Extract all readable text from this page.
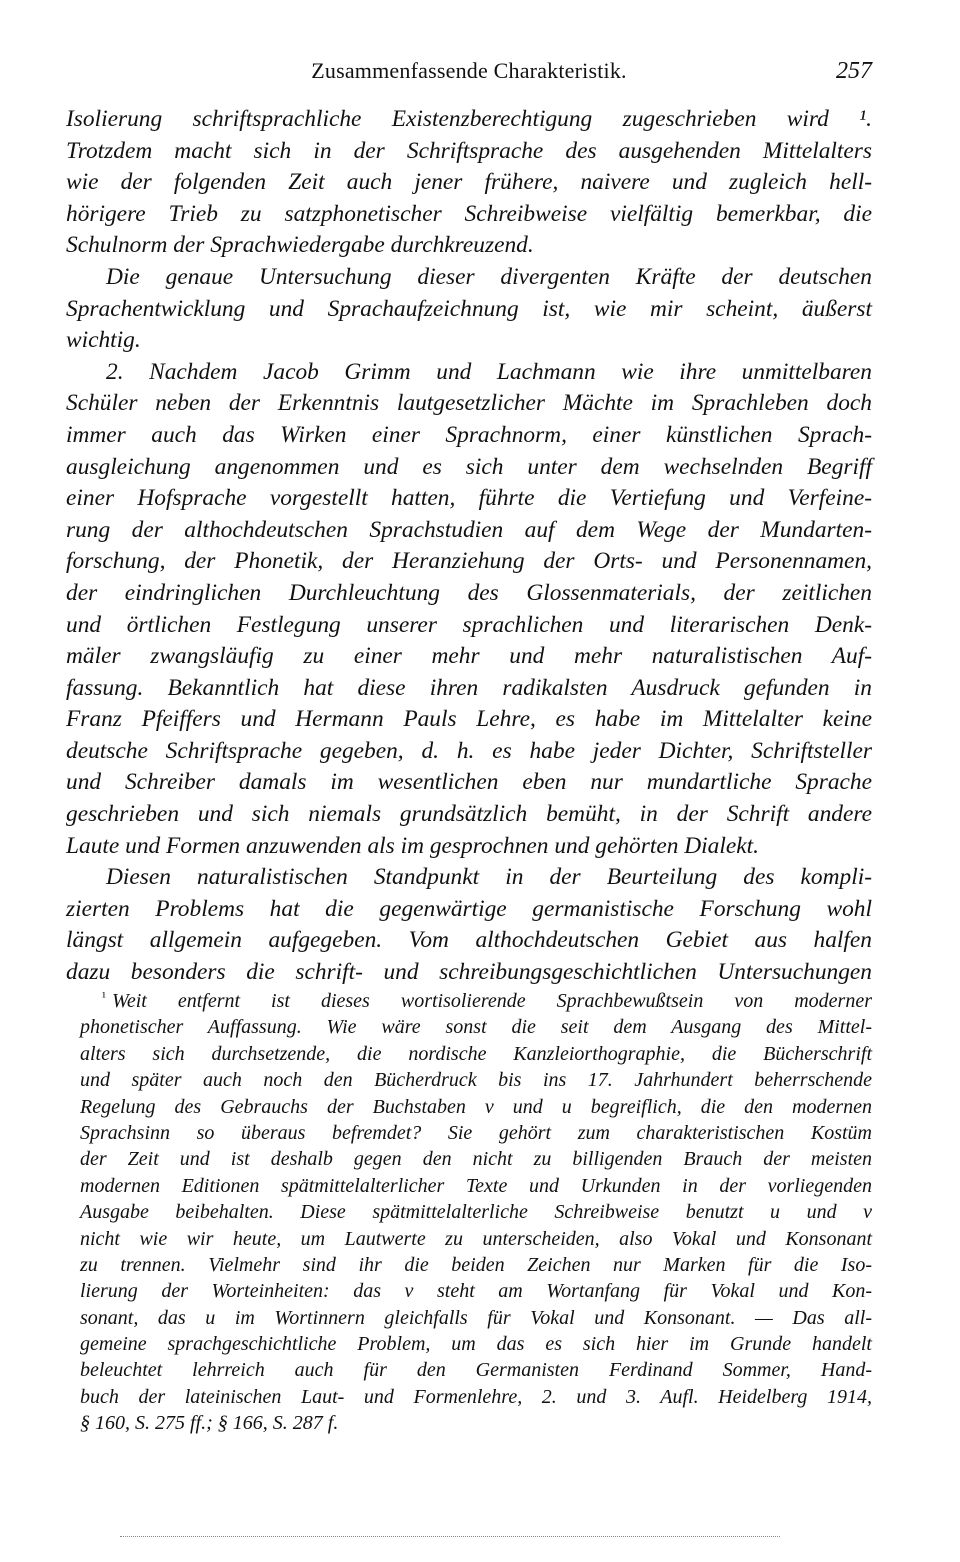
Zusammenfassende Charakteristik.	257
Isolierung schriftsprachliche Existenzberechtigung zugeschrieben wird ¹.
Trotzdem macht sich in der Schriftsprache des ausgehenden Mittelalters
wie der folgenden Zeit auch jener frühere, naivere und zugleich hell-
hörigere Trieb zu satzphonetischer Schreibweise vielfältig bemerkbar, die
Schulnorm der Sprachwiedergabe durchkreuzend.
Die genaue Untersuchung dieser divergenten Kräfte der deutschen
Sprachentwicklung und Sprachaufzeichnung ist, wie mir scheint, äußerst
wichtig.
2. Nachdem Jacob Grimm und Lachmann wie ihre unmittelbaren
Schüler neben der Erkenntnis lautgesetzlicher Mächte im Sprachleben doch
immer auch das Wirken einer Sprachnorm, einer künstlichen Sprach-
ausgleichung angenommen und es sich unter dem wechselnden Begriff
einer Hofsprache vorgestellt hatten, führte die Vertiefung und Verfeine-
rung der althochdeutschen Sprachstudien auf dem Wege der Mundarten-
forschung, der Phonetik, der Heranziehung der Orts- und Personennamen,
der eindringlichen Durchleuchtung des Glossenmaterials, der zeitlichen
und örtlichen Festlegung unserer sprachlichen und literarischen Denk-
mäler zwangsläufig zu einer mehr und mehr naturalistischen Auf-
fassung. Bekanntlich hat diese ihren radikalsten Ausdruck gefunden in
Franz Pfeiffers und Hermann Pauls Lehre, es habe im Mittelalter keine
deutsche Schriftsprache gegeben, d. h. es habe jeder Dichter, Schriftsteller
und Schreiber damals im wesentlichen eben nur mundartliche Sprache
geschrieben und sich niemals grundsätzlich bemüht, in der Schrift andere
Laute und Formen anzuwenden als im gesprochnen und gehörten Dialekt.
Diesen naturalistischen Standpunkt in der Beurteilung des kompli-
zierten Problems hat die gegenwärtige germanistische Forschung wohl
längst allgemein aufgegeben. Vom althochdeutschen Gebiet aus halfen
dazu besonders die schrift- und schreibungsgeschichtlichen Untersuchungen
¹ Weit entfernt ist dieses wortisolierende Sprachbewußtsein von moderner
phonetischer Auffassung. Wie wäre sonst die seit dem Ausgang des Mittel-
alters sich durchsetzende, die nordische Kanzleiorthographie, die Bücherschrift
und später auch noch den Bücherdruck bis ins 17. Jahrhundert beherrschende
Regelung des Gebrauchs der Buchstaben v und u begreiflich, die den modernen
Sprachsinn so überaus befremdet? Sie gehört zum charakteristischen Kostüm
der Zeit und ist deshalb gegen den nicht zu billigenden Brauch der meisten
modernen Editionen spätmittelalterlicher Texte und Urkunden in der vorliegenden
Ausgabe beibehalten. Diese spätmittelalterliche Schreibweise benutzt u und v
nicht wie wir heute, um Lautwerte zu unterscheiden, also Vokal und Konsonant
zu trennen. Vielmehr sind ihr die beiden Zeichen nur Marken für die Iso-
lierung der Worteinheiten: das v steht am Wortanfang für Vokal und Kon-
sonant, das u im Wortinnern gleichfalls für Vokal und Konsonant. — Das all-
gemeine sprachgeschichtliche Problem, um das es sich hier im Grunde handelt
beleuchtet lehrreich auch für den Germanisten Ferdinand Sommer, Hand-
buch der lateinischen Laut- und Formenlehre, 2. und 3. Aufl. Heidelberg 1914,
§ 160, S. 275 ff.; § 166, S. 287 f.
